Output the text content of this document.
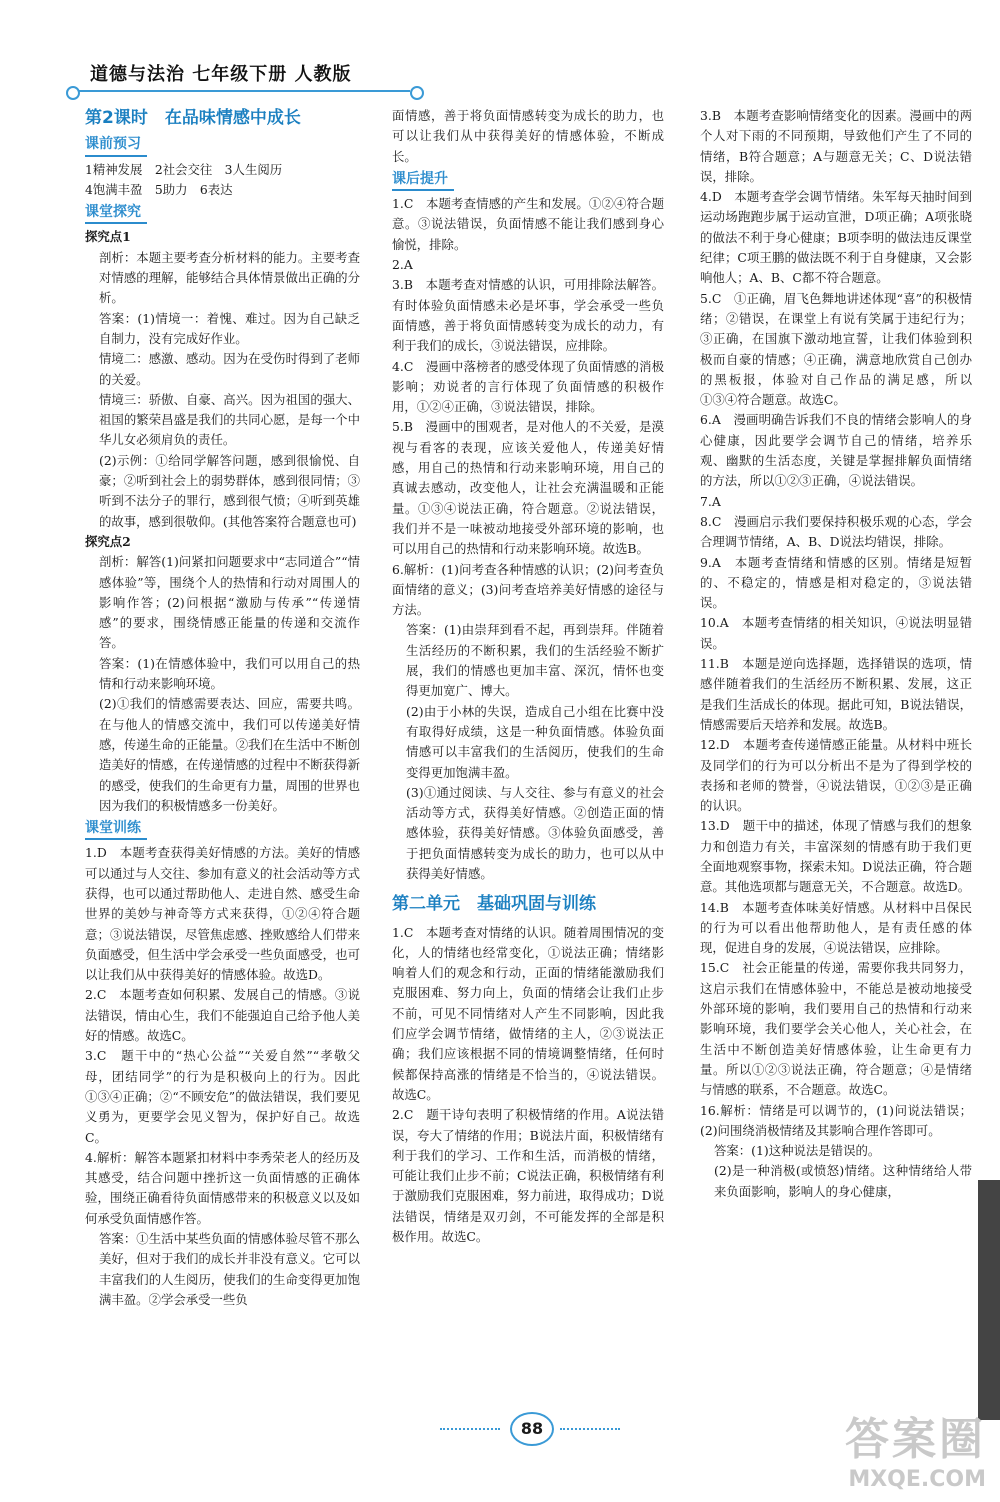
道德与法治 七年级下册 人教版
第2课时　在品味情感中成长
课前预习

1精神发展　2社会交往　3人生阅历

4饱满丰盈　5助力　6表达

课堂探究

探究点1

剖析：本题主要考查分析材料的能力。主要考查对情感的理解，能够结合具体情景做出正确的分析。

答案：(1)情境一：着愧、难过。因为自己缺乏自制力，没有完成好作业。

情境二：感激、感动。因为在受伤时得到了老师的关爱。

情境三：骄傲、自豪、高兴。因为祖国的强大、祖国的繁荣昌盛是我们的共同心愿，是每一个中华儿女必须肩负的责任。

(2)示例：①给同学解答问题，感到很愉悦、自豪；②听到社会上的弱势群体，感到很同情；③听到不法分子的罪行，感到很气愤；④听到英雄的故事，感到很敬仰。(其他答案符合题意也可)

探究点2

剖析：解答(1)问紧扣问题要求中“志同道合”“情感体验”等，围绕个人的热情和行动对周围人的影响作答；(2)问根据“激励与传承”“传递情感”的要求，围绕情感正能量的传递和交流作答。

答案：(1)在情感体验中，我们可以用自己的热情和行动来影响环境。

(2)①我们的情感需要表达、回应，需要共鸣。在与他人的情感交流中，我们可以传递美好情感，传递生命的正能量。②我们在生活中不断创造美好的情感，在传递情感的过程中不断获得新的感受，使我们的生命更有力量，周围的世界也因为我们的积极情感多一份美好。

课堂训练

1.D　本题考查获得美好情感的方法。美好的情感可以通过与人交往、参加有意义的社会活动等方式获得，也可以通过帮助他人、走进自然、感受生命世界的美妙与神奇等方式来获得，①②④符合题意；③说法错误，尽管焦虑感、挫败感给人们带来负面感受，但生活中学会承受一些负面感受，也可以让我们从中获得美好的情感体验。故选D。

2.C　本题考查如何积累、发展自己的情感。③说法错误，情由心生，我们不能强迫自己给予他人美好的情感。故选C。

3.C　题干中的“热心公益”“关爱自然”“孝敬父母，团结同学”的行为是积极向上的行为。因此①③④正确；②“不顾安危”的做法错误，我们要见义勇为，更要学会见义智为，保护好自己。故选C。

4.解析：解答本题紧扣材料中李秀荣老人的经历及其感受，结合问题中挫折这一负面情感的正确体验，围绕正确看待负面情感带来的积极意义以及如何承受负面情感作答。

答案：①生活中某些负面的情感体验尽管不那么美好，但对于我们的成长并非没有意义。它可以丰富我们的人生阅历，使我们的生命变得更加饱满丰盈。②学会承受一些负

面情感，善于将负面情感转变为成长的助力，也可以让我们从中获得美好的情感体验，不断成长。

课后提升

1.C　本题考查情感的产生和发展。①②④符合题意。③说法错误，负面情感不能让我们感到身心愉悦，排除。

2.A

3.B　本题考查对情感的认识，可用排除法解答。有时体验负面情感未必是坏事，学会承受一些负面情感，善于将负面情感转变为成长的动力，有利于我们的成长，③说法错误，应排除。

4.C　漫画中落榜者的感受体现了负面情感的消极影响；劝说者的言行体现了负面情感的积极作用，①②④正确，③说法错误，排除。

5.B　漫画中的围观者，是对他人的不关爱，是漠视与看客的表现，应该关爱他人，传递美好情感，用自己的热情和行动来影响环境，用自己的真诚去感动，改变他人，让社会充满温暖和正能量。①③④说法正确，符合题意。②说法错误，我们并不是一味被动地接受外部环境的影响，也可以用自己的热情和行动来影响环境。故选B。

6.解析：(1)问考查各种情感的认识；(2)问考查负面情绪的意义；(3)问考查培养美好情感的途径与方法。

答案：(1)由崇拜到看不起，再到崇拜。伴随着生活经历的不断积累，我们的生活经验不断扩展，我们的情感也更加丰富、深沉，情怀也变得更加宽广、博大。

(2)由于小林的失误，造成自己小组在比赛中没有取得好成绩，这是一种负面情感。体验负面情感可以丰富我们的生活阅历，使我们的生命变得更加饱满丰盈。

(3)①通过阅读、与人交往、参与有意义的社会活动等方式，获得美好情感。②创造正面的情感体验，获得美好情感。③体验负面感受，善于把负面情感转变为成长的助力，也可以从中获得美好情感。

第二单元　基础巩固与训练

1.C　本题考查对情绪的认识。随着周围情况的变化，人的情绪也经常变化，①说法正确；情绪影响着人们的观念和行动，正面的情绪能激励我们克服困难、努力向上，负面的情绪会让我们止步不前，可见不同情绪对人产生不同影响，因此我们应学会调节情绪，做情绪的主人，②③说法正确；我们应该根据不同的情境调整情绪，任何时候都保持高涨的情绪是不恰当的，④说法错误。故选C。

2.C　题干诗句表明了积极情绪的作用。A说法错误，夸大了情绪的作用；B说法片面，积极情绪有利于我们的学习、工作和生活，而消极的情绪，可能让我们止步不前；C说法正确，积极情绪有利于激励我们克服困难，努力前进，取得成功；D说法错误，情绪是双刃剑，不可能发挥的全部是积极作用。故选C。

3.B　本题考查影响情绪变化的因素。漫画中的两个人对下雨的不同预期，导致他们产生了不同的情绪，B符合题意；A与题意无关；C、D说法错误，排除。

4.D　本题考查学会调节情绪。朱军每天抽时间到运动场跑跑步属于运动宣泄，D项正确；A项张晓的做法不利于身心健康；B项李明的做法违反课堂纪律；C项王鹏的做法既不利于自身健康，又会影响他人；A、B、C都不符合题意。

5.C　①正确，眉飞色舞地讲述体现“喜”的积极情绪；②错误，在课堂上有说有笑属于违纪行为；③正确，在国旗下激动地宣誓，让我们体验到积极而自豪的情感；④正确，满意地欣赏自己创办的黑板报，体验对自己作品的满足感，所以①③④符合题意。故选C。

6.A　漫画明确告诉我们不良的情绪会影响人的身心健康，因此要学会调节自己的情绪，培养乐观、幽默的生活态度，关键是掌握排解负面情绪的方法，所以①②③正确，④说法错误。

7.A

8.C　漫画启示我们要保持积极乐观的心态，学会合理调节情绪，A、B、D说法均错误，排除。

9.A　本题考查情绪和情感的区别。情绪是短暂的、不稳定的，情感是相对稳定的，③说法错误。

10.A　本题考查情绪的相关知识，④说法明显错误。

11.B　本题是逆向选择题，选择错误的选项，情感伴随着我们的生活经历不断积累、发展，这正是我们生活成长的体现。据此可知，B说法错误，情感需要后天培养和发展。故选B。

12.D　本题考查传递情感正能量。从材料中班长及同学们的行为可以分析出不是为了得到学校的表扬和老师的赞誉，④说法错误，①②③是正确的认识。

13.D　题干中的描述，体现了情感与我们的想象力和创造力有关，丰富深刻的情感有助于我们更全面地观察事物，探索未知。D说法正确，符合题意。其他选项都与题意无关，不合题意。故选D。

14.B　本题考查体味美好情感。从材料中吕保民的行为可以看出他帮助他人，是有责任感的体现，促进自身的发展，④说法错误，应排除。

15.C　社会正能量的传递，需要你我共同努力，这启示我们在情感体验中，不能总是被动地接受外部环境的影响，我们要用自己的热情和行动来影响环境，我们要学会关心他人，关心社会，在生活中不断创造美好情感体验，让生命更有力量。所以①②③说法正确，符合题意；④是情绪与情感的联系，不合题意。故选C。

16.解析：情绪是可以调节的，(1)问说法错误；(2)问围绕消极情绪及其影响合理作答即可。

答案：(1)这种说法是错误的。

(2)是一种消极(或愤怒)情绪。这种情绪给人带来负面影响，影响人的身心健康，

88	答案圈
MXQE.COM
